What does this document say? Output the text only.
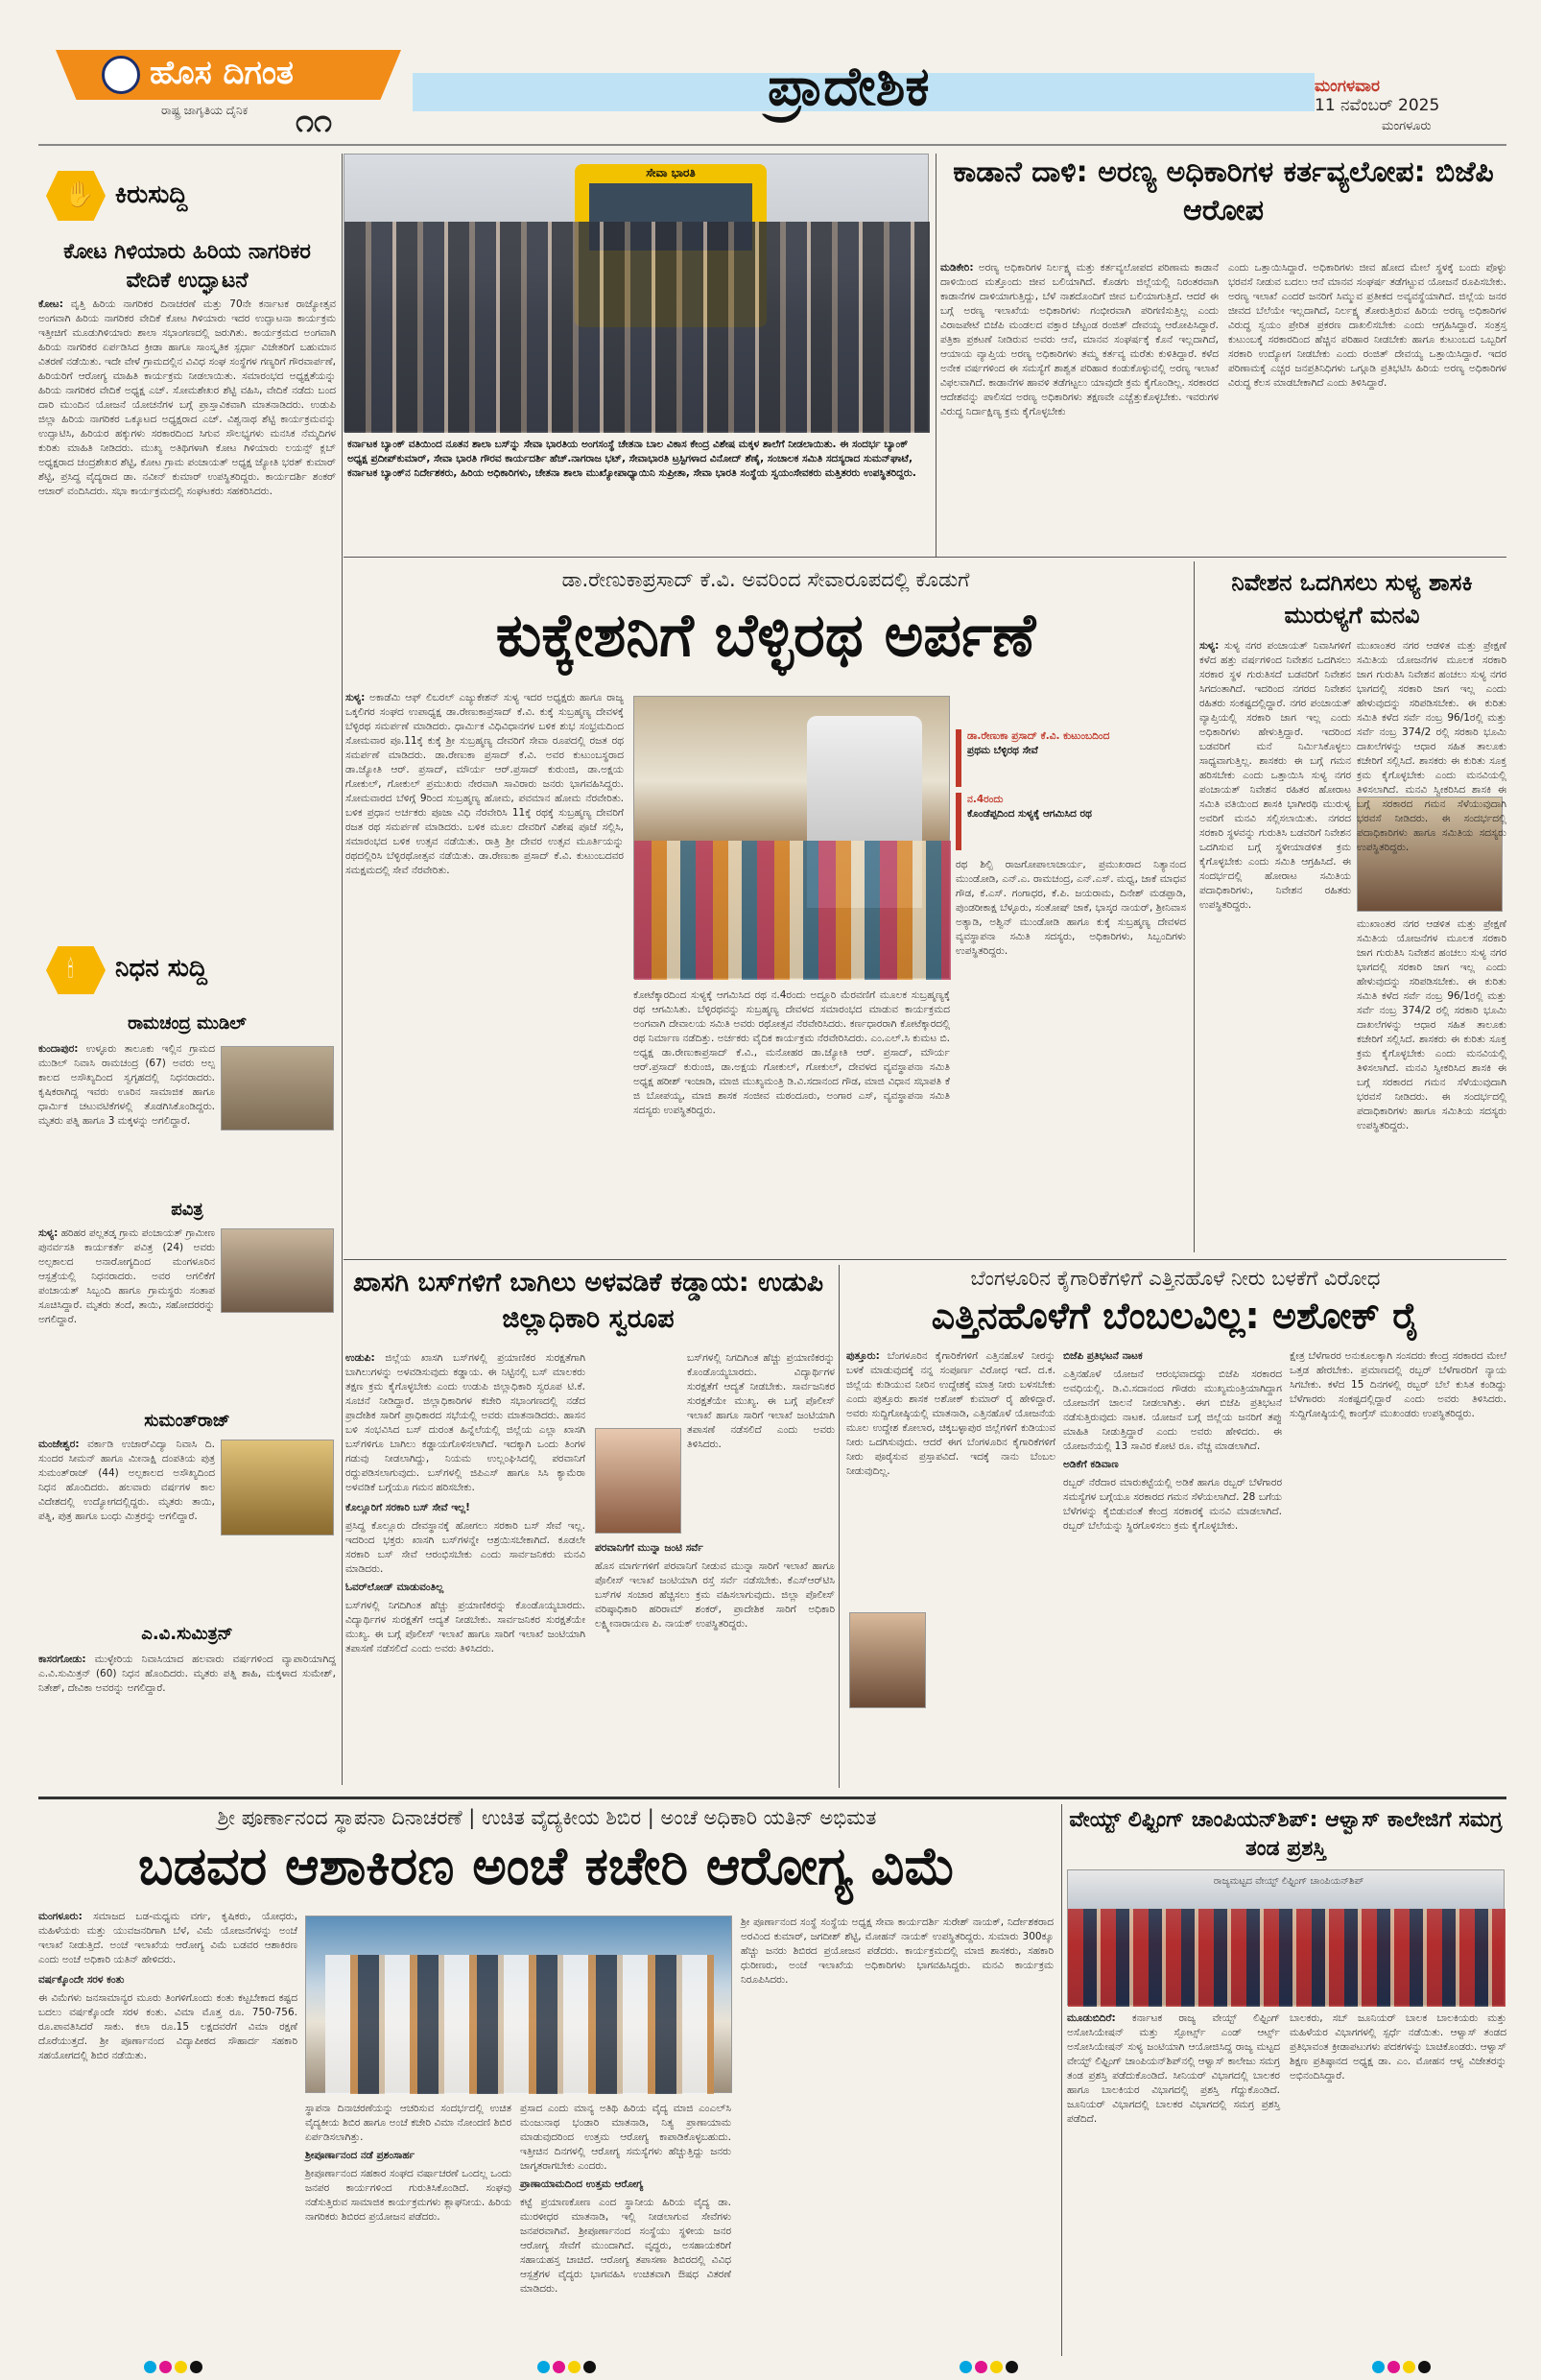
ಹೊಸ ದಿಗಂತ
ರಾಷ್ಟ್ರ ಜಾಗೃತಿಯ ದೈನಿಕ	೧೧
ಪ್ರಾದೇಶಿಕ	ಮಂಗಳವಾರ
11 ನವೆಂಬರ್ 2025
ಮಂಗಳೂರು
✋ ಕಿರುಸುದ್ದಿ
ಕೋಟ ಗಿಳಿಯಾರು ಹಿರಿಯ ನಾಗರಿಕರ ವೇದಿಕೆ ಉದ್ಘಾಟನೆ
ಕೋಟ: ವೃತ್ತಿ ಹಿರಿಯ ನಾಗರಿಕರ ದಿನಾಚರಣೆ ಮತ್ತು 70ನೇ ಕರ್ನಾಟಕ ರಾಜ್ಯೋತ್ಸವ ಅಂಗವಾಗಿ ಹಿರಿಯ ನಾಗರಿಕರ ವೇದಿಕೆ ಕೋಟ ಗಿಳಿಯಾರು ಇದರ ಉದ್ಘಾಟನಾ ಕಾರ್ಯಕ್ರಮ ಇತ್ತೀಚಿಗೆ ಮೂಡುಗಿಳಿಯಾರು ಶಾಲಾ ಸಭಾಂಗಣದಲ್ಲಿ ಜರುಗಿತು. ಕಾರ್ಯಕ್ರಮದ ಅಂಗವಾಗಿ ಹಿರಿಯ ನಾಗರಿಕರ ಏರ್ಪಡಿಸಿದ ಕ್ರೀಡಾ ಹಾಗೂ ಸಾಂಸ್ಕೃತಿಕ ಸ್ಪರ್ಧಾ ವಿಜೇತರಿಗೆ ಬಹುಮಾನ ವಿತರಣೆ ನಡೆಯಿತು. ಇದೇ ವೇಳೆ ಗ್ರಾಮದಲ್ಲಿನ ವಿವಿಧ ಸಂಘ ಸಂಸ್ಥೆಗಳ ಗಣ್ಯರಿಗೆ ಗೌರವಾರ್ಪಣೆ, ಹಿರಿಯರಿಗೆ ಆರೋಗ್ಯ ಮಾಹಿತಿ ಕಾರ್ಯಕ್ರಮ ನೀಡಲಾಯಿತು. ಸಮಾರಂಭದ ಅಧ್ಯಕ್ಷತೆಯನ್ನು ಹಿರಿಯ ನಾಗರಿಕರ ವೇದಿಕೆ ಅಧ್ಯಕ್ಷ ಎಚ್. ಸೋಮಶೇಖರ ಶೆಟ್ಟಿ ವಹಿಸಿ, ವೇದಿಕೆ ನಡೆದು ಬಂದ ದಾರಿ ಮುಂದಿನ ಯೋಜನೆ ಯೋಚನೆಗಳ ಬಗ್ಗೆ ಪ್ರಾಸ್ತಾವಿಕವಾಗಿ ಮಾತನಾಡಿದರು. ಉಡುಪಿ ಜಿಲ್ಲಾ ಹಿರಿಯ ನಾಗರಿಕರ ಒಕ್ಕೂಟದ ಅಧ್ಯಕ್ಷರಾದ ಎಚ್. ವಿಶ್ವನಾಥ ಶೆಟ್ಟಿ ಕಾರ್ಯಕ್ರಮವನ್ನು ಉದ್ಘಾಟಿಸಿ, ಹಿರಿಯರ ಹಕ್ಕುಗಳು ಸರಕಾರದಿಂದ ಸಿಗುವ ಸೌಲಭ್ಯಗಳು ಮನಸಿಕ ನೆಮ್ಮದಿಗಳ ಕುರಿತು ಮಾಹಿತಿ ನೀಡಿದರು. ಮುಖ್ಯ ಅತಿಥಿಗಳಾಗಿ ಕೋಟ ಗಿಳಿಯಾರು ಲಯನ್ಸ್ ಕ್ಲಬ್ ಅಧ್ಯಕ್ಷರಾದ ಚಂದ್ರಶೇಖರ ಶೆಟ್ಟಿ, ಕೋಟ ಗ್ರಾಮ ಪಂಚಾಯತ್ ಅಧ್ಯಕ್ಷ ಜ್ಯೋತಿ ಭರತ್ ಕುಮಾರ್ ಶೆಟ್ಟಿ, ಪ್ರಸಿದ್ಧ ವೈದ್ಯರಾದ ಡಾ. ನವೀನ್ ಕುಮಾರ್ ಉಪಸ್ಥಿತರಿದ್ದರು. ಕಾರ್ಯದರ್ಶಿ ಶಂಕರ್ ಆಚಾರ್ ವಂದಿಸಿದರು. ಸಭಾ ಕಾರ್ಯಕ್ರಮದಲ್ಲಿ ಸಂಘಟಕರು ಸಹಕರಿಸಿದರು.
🕯 ನಿಧನ ಸುದ್ದಿ
ರಾಮಚಂದ್ರ ಮುಡಿಲ್
ಕುಂದಾಪುರ: ಉಳ್ಳೂರು ತಾಲೂಕು ಇಲ್ಲಿನ ಗ್ರಾಮದ ಮುಡಿಲ್ ನಿವಾಸಿ ರಾಮಚಂದ್ರ (67) ಅವರು ಅಲ್ಪ ಕಾಲದ ಅಸೌಖ್ಯದಿಂದ ಸ್ವಗೃಹದಲ್ಲಿ ನಿಧನರಾದರು. ಕೃಷಿಕರಾಗಿದ್ದ ಇವರು ಊರಿನ ಸಾಮಾಜಿಕ ಹಾಗೂ ಧಾರ್ಮಿಕ ಚಟುವಟಿಕೆಗಳಲ್ಲಿ ತೊಡಗಿಸಿಕೊಂಡಿದ್ದರು. ಮೃತರು ಪತ್ನಿ ಹಾಗೂ 3 ಮಕ್ಕಳನ್ನು ಅಗಲಿದ್ದಾರೆ.
ಪವಿತ್ರ
ಸುಳ್ಯ: ಹರಿಹರ ಪಲ್ಲತಡ್ಕ ಗ್ರಾಮ ಪಂಚಾಯತ್ ಗ್ರಾಮೀಣ ಪುನರ್ವಸತಿ ಕಾರ್ಯಕರ್ತೆ ಪವಿತ್ರ (24) ಅವರು ಅಲ್ಪಕಾಲದ ಅನಾರೋಗ್ಯದಿಂದ ಮಂಗಳೂರಿನ ಆಸ್ಪತ್ರೆಯಲ್ಲಿ ನಿಧನರಾದರು. ಅವರ ಅಗಲಿಕೆಗೆ ಪಂಚಾಯತ್ ಸಿಬ್ಬಂದಿ ಹಾಗೂ ಗ್ರಾಮಸ್ಥರು ಸಂತಾಪ ಸೂಚಿಸಿದ್ದಾರೆ. ಮೃತರು ತಂದೆ, ತಾಯಿ, ಸಹೋದರರನ್ನು ಅಗಲಿದ್ದಾರೆ.
ಸುಮಂತ್‌ರಾಜ್
ಮಂಜೇಶ್ವರ: ವರ್ಕಾಡಿ ಉಜಾರ್‌ವಿದ್ಯಾ ನಿವಾಸಿ ದಿ. ಸುಂದರ ಸೀಮನ್ ಹಾಗೂ ಮೀನಾಕ್ಷಿ ದಂಪತಿಯ ಪುತ್ರ ಸುಮಂತ್‌ರಾಜ್ (44) ಅಲ್ಪಕಾಲದ ಅಸೌಖ್ಯದಿಂದ ನಿಧನ ಹೊಂದಿದರು. ಹಲವಾರು ವರ್ಷಗಳ ಕಾಲ ವಿದೇಶದಲ್ಲಿ ಉದ್ಯೋಗದಲ್ಲಿದ್ದರು. ಮೃತರು ತಾಯಿ, ಪತ್ನಿ, ಪುತ್ರ ಹಾಗೂ ಬಂಧು ಮಿತ್ರರನ್ನು ಅಗಲಿದ್ದಾರೆ.
ಎ.ವಿ.ಸುಮಿತ್ರನ್
ಕಾಸರಗೋಡು: ಮುಳ್ಳೇರಿಯ ನಿವಾಸಿಯಾದ ಹಲವಾರು ವರ್ಷಗಳಿಂದ ವ್ಯಾಪಾರಿಯಾಗಿದ್ದ ಎ.ವಿ.ಸುಮಿತ್ರನ್ (60) ನಿಧನ ಹೊಂದಿದರು. ಮೃತರು ಪತ್ನಿ ಶಾಹಿ, ಮಕ್ಕಳಾದ ಸುಮೇಶ್, ನಿತೇಶ್, ದೇವಿಕಾ ಅವರನ್ನು ಅಗಲಿದ್ದಾರೆ.
ಸೇವಾ ಭಾರತಿ
ಕರ್ನಾಟಕ ಬ್ಯಾಂಕ್ ವತಿಯಿಂದ ನೂತನ ಶಾಲಾ ಬಸ್‌ನ್ನು ಸೇವಾ ಭಾರತಿಯ ಅಂಗಸಂಸ್ಥೆ ಚೇತನಾ ಬಾಲ ವಿಕಾಸ ಕೇಂದ್ರ ವಿಶೇಷ ಮಕ್ಕಳ ಶಾಲೆಗೆ ನೀಡಲಾಯಿತು. ಈ ಸಂದರ್ಭ ಬ್ಯಾಂಕ್ ಅಧ್ಯಕ್ಷ ಪ್ರದೀಪ್‌ಕುಮಾರ್, ಸೇವಾ ಭಾರತಿ ಗೌರವ ಕಾರ್ಯದರ್ಶಿ ಹೆಚ್.ನಾಗರಾಜ ಭಟ್, ಸೇವಾಭಾರತಿ ಟ್ರಸ್ಟಿಗಳಾದ ವಿನೋದ್ ಶೆಣೈ, ಸಂಚಾಲಕ ಸಮಿತಿ ಸದಸ್ಯರಾದ ಸುಮನ್‌ಘಾಟೆ, ಕರ್ನಾಟಕ ಬ್ಯಾಂಕ್‌ನ ನಿರ್ದೇಶಕರು, ಹಿರಿಯ ಅಧಿಕಾರಿಗಳು, ಚೇತನಾ ಶಾಲಾ ಮುಖ್ಯೋಪಾಧ್ಯಾಯಿನಿ ಸುಪ್ರೀತಾ, ಸೇವಾ ಭಾರತಿ ಸಂಸ್ಥೆಯ ಸ್ವಯಂಸೇವಕರು ಮತ್ತಿತರರು ಉಪಸ್ಥಿತರಿದ್ದರು.
ಕಾಡಾನೆ ದಾಳಿ: ಅರಣ್ಯ ಅಧಿಕಾರಿಗಳ ಕರ್ತವ್ಯಲೋಪ: ಬಿಜೆಪಿ ಆರೋಪ
ಮಡಿಕೇರಿ: ಅರಣ್ಯ ಅಧಿಕಾರಿಗಳ ನಿರ್ಲಕ್ಷ್ಯ ಮತ್ತು ಕರ್ತವ್ಯಲೋಪದ ಪರಿಣಾಮ ಕಾಡಾನೆ ದಾಳಿಯಿಂದ ಮತ್ತೊಂದು ಜೀವ ಬಲಿಯಾಗಿದೆ. ಕೊಡಗು ಜಿಲ್ಲೆಯಲ್ಲಿ ನಿರಂತರವಾಗಿ ಕಾಡಾನೆಗಳ ದಾಳಿಯಾಗುತ್ತಿದ್ದು, ಬೆಳೆ ನಾಶದೊಂದಿಗೆ ಜೀವ ಬಲಿಯಾಗುತ್ತಿದೆ. ಆದರೆ ಈ ಬಗ್ಗೆ ಅರಣ್ಯ ಇಲಾಖೆಯ ಅಧಿಕಾರಿಗಳು ಗಂಭೀರವಾಗಿ ಪರಿಗಣಿಸುತ್ತಿಲ್ಲ ಎಂದು ವಿರಾಜಪೇಟೆ ಬಿಜೆಪಿ ಮಂಡಲದ ವಕ್ತಾರ ಚೆಟ್ಟಂಡ ರಂಜಿತ್ ದೇವಯ್ಯ ಆರೋಪಿಸಿದ್ದಾರೆ. ಪತ್ರಿಕಾ ಪ್ರಕಟಣೆ ನೀಡಿರುವ ಅವರು ಆನೆ, ಮಾನವ ಸಂಘರ್ಷಕ್ಕೆ ಕೊನೆ ಇಲ್ಲದಾಗಿದೆ, ಆಯಾಯ ವ್ಯಾಪ್ತಿಯ ಅರಣ್ಯ ಅಧಿಕಾರಿಗಳು ತಮ್ಮ ಕರ್ತವ್ಯ ಮರೆತು ಕುಳಿತಿದ್ದಾರೆ. ಕಳೆದ ಅನೇಕ ವರ್ಷಗಳಿಂದ ಈ ಸಮಸ್ಯೆಗೆ ಶಾಶ್ವತ ಪರಿಹಾರ ಕಂಡುಕೊಳ್ಳುವಲ್ಲಿ ಅರಣ್ಯ ಇಲಾಖೆ ವಿಫಲವಾಗಿದೆ. ಕಾಡಾನೆಗಳ ಹಾವಳಿ ತಡೆಗಟ್ಟಲು ಯಾವುದೇ ಕ್ರಮ ಕೈಗೊಂಡಿಲ್ಲ. ಸರಕಾರದ ಆದೇಶವನ್ನು ಪಾಲಿಸದ ಅರಣ್ಯ ಅಧಿಕಾರಿಗಳು ತಕ್ಷಣವೇ ಎಚ್ಚೆತ್ತುಕೊಳ್ಳಬೇಕು. ಇವರುಗಳ ವಿರುದ್ಧ ನಿರ್ದಾಕ್ಷಿಣ್ಯ ಕ್ರಮ ಕೈಗೊಳ್ಳಬೇಕು
ಎಂದು ಒತ್ತಾಯಿಸಿದ್ದಾರೆ. ಅಧಿಕಾರಿಗಳು ಜೀವ ಹೋದ ಮೇಲೆ ಸ್ಥಳಕ್ಕೆ ಬಂದು ಪೊಳ್ಳು ಭರವಸೆ ನೀಡುವ ಬದಲು ಆನೆ ಮಾನವ ಸಂಘರ್ಷ ತಡೆಗಟ್ಟುವ ಯೋಜನೆ ರೂಪಿಸಬೇಕು. ಅರಣ್ಯ ಇಲಾಖೆ ಎಂದರೆ ಜನರಿಗೆ ಸಿಮ್ಮುವ ಪ್ರತೀಕದ ಅವ್ಯವಸ್ಥೆಯಾಗಿದೆ. ಜಿಲ್ಲೆಯ ಜನರ ಜೀವದ ಬೆಲೆಯೇ ಇಲ್ಲದಾಗಿದೆ, ನಿರ್ಲಕ್ಷ್ಯ ತೋರುತ್ತಿರುವ ಹಿರಿಯ ಅರಣ್ಯ ಅಧಿಕಾರಿಗಳ ವಿರುದ್ಧ ಸ್ವಯಂ ಪ್ರೇರಿತ ಪ್ರಕರಣ ದಾಖಲಿಸಬೇಕು ಎಂದು ಆಗ್ರಹಿಸಿದ್ದಾರೆ. ಸಂತ್ರಸ್ತ ಕುಟುಂಬಕ್ಕೆ ಸರಕಾರದಿಂದ ಹೆಚ್ಚಿನ ಪರಿಹಾರ ನೀಡಬೇಕು ಹಾಗೂ ಕುಟುಂಬದ ಒಬ್ಬರಿಗೆ ಸರಕಾರಿ ಉದ್ಯೋಗ ನೀಡಬೇಕು ಎಂದು ರಂಜಿತ್ ದೇವಯ್ಯ ಒತ್ತಾಯಿಸಿದ್ದಾರೆ. ಇದರ ಪರಿಣಾಮಕ್ಕೆ ಎಚ್ಚರ ಜನಪ್ರತಿನಿಧಿಗಳು ಒಗ್ಗೂಡಿ ಪ್ರತಿಭಟಿಸಿ ಹಿರಿಯ ಅರಣ್ಯ ಅಧಿಕಾರಿಗಳ ವಿರುದ್ಧ ಕೆಲಸ ಮಾಡಬೇಕಾಗಿದೆ ಎಂದು ತಿಳಿಸಿದ್ದಾರೆ.
ಡಾ.ರೇಣುಕಾಪ್ರಸಾದ್ ಕೆ.ವಿ. ಅವರಿಂದ ಸೇವಾರೂಪದಲ್ಲಿ ಕೊಡುಗೆ
ಕುಕ್ಕೇಶನಿಗೆ ಬೆಳ್ಳಿರಥ ಅರ್ಪಣೆ
ಸುಳ್ಯ: ಅಕಾಡೆಮಿ ಆಫ್ ಲಿಬರಲ್ ಎಜ್ಯುಕೇಶನ್ ಸುಳ್ಯ ಇದರ ಅಧ್ಯಕ್ಷರು ಹಾಗೂ ರಾಜ್ಯ ಒಕ್ಕಲಿಗರ ಸಂಘದ ಉಪಾಧ್ಯಕ್ಷ ಡಾ.ರೇಣುಕಾಪ್ರಸಾದ್ ಕೆ.ವಿ. ಕುಕ್ಕೆ ಸುಬ್ರಹ್ಮಣ್ಯ ದೇವಳಕ್ಕೆ ಬೆಳ್ಳಿರಥ ಸಮರ್ಪಣೆ ಮಾಡಿದರು. ಧಾರ್ಮಿಕ ವಿಧಿವಿಧಾನಗಳ ಬಳಿಕ ಶುಭ ಸಂಭ್ರಮದಿಂದ ಸೋಮವಾರ ಪೂ.11ಕ್ಕೆ ಕುಕ್ಕೆ ಶ್ರೀ ಸುಬ್ರಹ್ಮಣ್ಯ ದೇವರಿಗೆ ಸೇವಾ ರೂಪದಲ್ಲಿ ರಜತ ರಥ ಸಮರ್ಪಣೆ ಮಾಡಿದರು. ಡಾ.ರೇಣುಕಾ ಪ್ರಸಾದ್ ಕೆ.ವಿ. ಅವರ ಕುಟುಂಬಸ್ಥರಾದ ಡಾ.ಜ್ಯೋತಿ ಆರ್. ಪ್ರಸಾದ್, ಮೌರ್ಯ ಆರ್.ಪ್ರಸಾದ್ ಕುರುಂಜಿ, ಡಾ.ಅಕ್ಷಯ ಗೋಕುಲ್, ಗೋಕುಲ್ ಪ್ರಮುಖರು ನೇರವಾಗಿ ಸಾವಿರಾರು ಜನರು ಭಾಗವಹಿಸಿದ್ದರು. ಸೋಮವಾರದ ಬೆಳಿಗ್ಗೆ 9ರಿಂದ ಸುಬ್ರಹ್ಮಣ್ಯ ಹೋಮ, ಪವಮಾನ ಹೋಮ ನೆರವೇರಿತು. ಬಳಿಕ ಪ್ರಧಾನ ಅರ್ಚಕರು ಪೂಜಾ ವಿಧಿ ನೆರವೇರಿಸಿ 11ಕ್ಕೆ ರಥಕ್ಕೆ ಸುಬ್ರಹ್ಮಣ್ಯ ದೇವರಿಗೆ ರಜತ ರಥ ಸಮರ್ಪಣೆ ಮಾಡಿದರು. ಬಳಿಕ ಮೂಲ ದೇವರಿಗೆ ವಿಶೇಷ ಪೂಜೆ ಸಲ್ಲಿಸಿ, ಸಮಾರಂಭದ ಬಳಿಕ ಉತ್ಸವ ನಡೆಯಿತು. ರಾತ್ರಿ ಶ್ರೀ ದೇವರ ಉತ್ಸವ ಮೂರ್ತಿಯನ್ನು ರಥದಲ್ಲಿರಿಸಿ ಬೆಳ್ಳಿರಥೋತ್ಸವ ನಡೆಯಿತು. ಡಾ.ರೇಣುಕಾ ಪ್ರಸಾದ್ ಕೆ.ವಿ. ಕುಟುಂಬದವರ ಸಮಕ್ಷಮದಲ್ಲಿ ಸೇವೆ ನೆರವೇರಿತು.
ಡಾ.ರೇಣುಕಾ ಪ್ರಸಾದ್ ಕೆ.ವಿ. ಕುಟುಂಬದಿಂದ
ಪ್ರಥಮ ಬೆಳ್ಳಿರಥ ಸೇವೆ
ನ.4ರಂದು
ಕೊಂಡೆಪ್ಪದಿಂದ ಸುಳ್ಯಕ್ಕೆ ಆಗಮಿಸಿದ ರಥ
ರಥ ಶಿಲ್ಪಿ ರಾಜಗೋಪಾಲಾಚಾರ್ಯ, ಪ್ರಮುಖರಾದ ನಿತ್ಯಾನಂದ ಮುಂಡೋಡಿ, ಎನ್.ಎ. ರಾಮಚಂದ್ರ, ಎನ್.ಎಸ್. ಮಧ್ವ, ಜಾಕೆ ಮಾಧವ ಗೌಡ, ಕೆ.ಎಸ್. ಗಂಗಾಧರ, ಕೆ.ಪಿ. ಜಯರಾಮ, ದಿನೇಶ್ ಮಡಪ್ಪಾಡಿ, ಪುಂಡರೀಕಾಕ್ಷ ಬೆಳ್ಳೂರು, ಸಂತೋಷ್ ಜಾಕೆ, ಭಾಸ್ಕರ ನಾಯರ್, ಶ್ರೀನಿವಾಸ ಅತ್ಯಾಡಿ, ಅಶ್ವಿನ್ ಮುಂಡೋಡಿ ಹಾಗೂ ಕುಕ್ಕೆ ಸುಬ್ರಹ್ಮಣ್ಯ ದೇವಳದ ವ್ಯವಸ್ಥಾಪನಾ ಸಮಿತಿ ಸದಸ್ಯರು, ಅಧಿಕಾರಿಗಳು, ಸಿಬ್ಬಂದಿಗಳು ಉಪಸ್ಥಿತರಿದ್ದರು.
ಕೋಟೆಕ್ಕಾರದಿಂದ ಸುಳ್ಯಕ್ಕೆ ಆಗಮಿಸಿದ ರಥ ನ.4ರಂದು ಅದ್ದೂರಿ ಮೆರವಣಿಗೆ ಮೂಲಕ ಸುಬ್ರಹ್ಮಣ್ಯಕ್ಕೆ ರಥ ಆಗಮಿಸಿತು. ಬೆಳ್ಳಿರಥವನ್ನು ಸುಬ್ರಹ್ಮಣ್ಯ ದೇವಳದ ಸಮಾರಂಭದ ಮಾಡುವ ಕಾರ್ಯಕ್ರಮದ ಅಂಗವಾಗಿ ದೇವಾಲಯ ಸಮಿತಿ ಅವರು ರಥೋತ್ಸವ ನೆರವೇರಿಸಿದರು. ಕರ್ಣಧಾರರಾಗಿ ಕೋಟೆಕ್ಕಾರದಲ್ಲಿ ರಥ ನಿರ್ಮಾಣ ನಡೆದಿತ್ತು. ಅರ್ಚಕರು ವೈದಿಕ ಕಾರ್ಯಕ್ರಮ ನೆರವೇರಿಸಿದರು. ಎಂ.ಎಲ್.ಸಿ ಕುಮಟ ಬಿ. ಅಧ್ಯಕ್ಷ ಡಾ.ರೇಣುಕಾಪ್ರಸಾದ್ ಕೆ.ವಿ., ಮನೋಹರ ಡಾ.ಜ್ಯೋತಿ ಆರ್. ಪ್ರಸಾದ್, ಮೌರ್ಯ ಆರ್.ಪ್ರಸಾದ್ ಕುರುಂಜಿ, ಡಾ.ಅಕ್ಷಯ ಗೋಕುಲ್, ಗೋಕುಲ್, ದೇವಳದ ವ್ಯವಸ್ಥಾಪನಾ ಸಮಿತಿ ಅಧ್ಯಕ್ಷ ಹರೀಶ್ ಇಂಜಾಡಿ, ಮಾಜಿ ಮುಖ್ಯಮಂತ್ರಿ ಡಿ.ವಿ.ಸದಾನಂದ ಗೌಡ, ಮಾಜಿ ವಿಧಾನ ಸಭಾಪತಿ ಕೆ ಜಿ ಬೋಪಯ್ಯ, ಮಾಜಿ ಶಾಸಕ ಸಂಜೀವ ಮಠಂದೂರು, ಅಂಗಾರ ಎಸ್, ವ್ಯವಸ್ಥಾಪನಾ ಸಮಿತಿ ಸದಸ್ಯರು ಉಪಸ್ಥಿತರಿದ್ದರು.
ನಿವೇಶನ ಒದಗಿಸಲು ಸುಳ್ಯ ಶಾಸಕಿ ಮುರುಳ್ಯಗೆ ಮನವಿ
ಸುಳ್ಯ: ಸುಳ್ಯ ನಗರ ಪಂಚಾಯತ್ ನಿವಾಸಿಗಳಿಗೆ ಕಳೆದ ಹತ್ತು ವರ್ಷಗಳಿಂದ ನಿವೇಶನ ಒದಗಿಸಲು ಸರಕಾರ ಸ್ಥಳ ಗುರುತಿಸದೆ ಬಡವರಿಗೆ ನಿವೇಶನ ಸಿಗದಂತಾಗಿದೆ. ಇದರಿಂದ ನಗರದ ನಿವೇಶನ ರಹಿತರು ಸಂಕಷ್ಟದಲ್ಲಿದ್ದಾರೆ. ನಗರ ಪಂಚಾಯತ್ ವ್ಯಾಪ್ತಿಯಲ್ಲಿ ಸರಕಾರಿ ಜಾಗ ಇಲ್ಲ ಎಂದು ಅಧಿಕಾರಿಗಳು ಹೇಳುತ್ತಿದ್ದಾರೆ. ಇದರಿಂದ ಬಡವರಿಗೆ ಮನೆ ನಿರ್ಮಿಸಿಕೊಳ್ಳಲು ಸಾಧ್ಯವಾಗುತ್ತಿಲ್ಲ. ಶಾಸಕರು ಈ ಬಗ್ಗೆ ಗಮನ ಹರಿಸಬೇಕು ಎಂದು ಒತ್ತಾಯಿಸಿ ಸುಳ್ಯ ನಗರ ಪಂಚಾಯತ್ ನಿವೇಶನ ರಹಿತರ ಹೋರಾಟ ಸಮಿತಿ ವತಿಯಿಂದ ಶಾಸಕಿ ಭಾಗೀರಥಿ ಮುರುಳ್ಯ ಅವರಿಗೆ ಮನವಿ ಸಲ್ಲಿಸಲಾಯಿತು. ನಗರದ ಸರಕಾರಿ ಸ್ಥಳವನ್ನು ಗುರುತಿಸಿ ಬಡವರಿಗೆ ನಿವೇಶನ ಒದಗಿಸುವ ಬಗ್ಗೆ ಸ್ಥಳೀಯಾಡಳಿತ ಕ್ರಮ ಕೈಗೊಳ್ಳಬೇಕು ಎಂದು ಸಮಿತಿ ಆಗ್ರಹಿಸಿದೆ. ಈ ಸಂದರ್ಭದಲ್ಲಿ ಹೋರಾಟ ಸಮಿತಿಯ ಪದಾಧಿಕಾರಿಗಳು, ನಿವೇಶನ ರಹಿತರು ಉಪಸ್ಥಿತರಿದ್ದರು.
ಮುಖಾಂತರ ನಗರ ಆಡಳಿತ ಮತ್ತು ಪ್ರೇಕ್ಷಣೆ ಸಮಿತಿಯ ಯೋಜನೆಗಳ ಮೂಲಕ ಸರಕಾರಿ ಜಾಗ ಗುರುತಿಸಿ ನಿವೇಶನ ಹಂಚಲು ಸುಳ್ಯ ನಗರ ಭಾಗದಲ್ಲಿ ಸರಕಾರಿ ಜಾಗ ಇಲ್ಲ ಎಂದು ಹೇಳುವುದನ್ನು ಸರಿಪಡಿಸಬೇಕು. ಈ ಕುರಿತು ಸಮಿತಿ ಕಳೆದ ಸರ್ವೆ ನಂಬ್ರ 96/1ರಲ್ಲಿ ಮತ್ತು ಸರ್ವೆ ನಂಬ್ರ 374/2 ರಲ್ಲಿ ಸರಕಾರಿ ಭೂಮಿ ದಾಖಲೆಗಳನ್ನು ಆಧಾರ ಸಹಿತ ತಾಲೂಕು ಕಚೇರಿಗೆ ಸಲ್ಲಿಸಿದೆ. ಶಾಸಕರು ಈ ಕುರಿತು ಸೂಕ್ತ ಕ್ರಮ ಕೈಗೊಳ್ಳಬೇಕು ಎಂದು ಮನವಿಯಲ್ಲಿ ತಿಳಿಸಲಾಗಿದೆ. ಮನವಿ ಸ್ವೀಕರಿಸಿದ ಶಾಸಕಿ ಈ ಬಗ್ಗೆ ಸರಕಾರದ ಗಮನ ಸೆಳೆಯುವುದಾಗಿ ಭರವಸೆ ನೀಡಿದರು. ಈ ಸಂದರ್ಭದಲ್ಲಿ ಪದಾಧಿಕಾರಿಗಳು ಹಾಗೂ ಸಮಿತಿಯ ಸದಸ್ಯರು ಉಪಸ್ಥಿತರಿದ್ದರು.
ಮುಖಾಂತರ ನಗರ ಆಡಳಿತ ಮತ್ತು ಪ್ರೇಕ್ಷಣೆ ಸಮಿತಿಯ ಯೋಜನೆಗಳ ಮೂಲಕ ಸರಕಾರಿ ಜಾಗ ಗುರುತಿಸಿ ನಿವೇಶನ ಹಂಚಲು ಸುಳ್ಯ ನಗರ ಭಾಗದಲ್ಲಿ ಸರಕಾರಿ ಜಾಗ ಇಲ್ಲ ಎಂದು ಹೇಳುವುದನ್ನು ಸರಿಪಡಿಸಬೇಕು. ಈ ಕುರಿತು ಸಮಿತಿ ಕಳೆದ ಸರ್ವೆ ನಂಬ್ರ 96/1ರಲ್ಲಿ ಮತ್ತು ಸರ್ವೆ ನಂಬ್ರ 374/2 ರಲ್ಲಿ ಸರಕಾರಿ ಭೂಮಿ ದಾಖಲೆಗಳನ್ನು ಆಧಾರ ಸಹಿತ ತಾಲೂಕು ಕಚೇರಿಗೆ ಸಲ್ಲಿಸಿದೆ. ಶಾಸಕರು ಈ ಕುರಿತು ಸೂಕ್ತ ಕ್ರಮ ಕೈಗೊಳ್ಳಬೇಕು ಎಂದು ಮನವಿಯಲ್ಲಿ ತಿಳಿಸಲಾಗಿದೆ. ಮನವಿ ಸ್ವೀಕರಿಸಿದ ಶಾಸಕಿ ಈ ಬಗ್ಗೆ ಸರಕಾರದ ಗಮನ ಸೆಳೆಯುವುದಾಗಿ ಭರವಸೆ ನೀಡಿದರು. ಈ ಸಂದರ್ಭದಲ್ಲಿ ಪದಾಧಿಕಾರಿಗಳು ಹಾಗೂ ಸಮಿತಿಯ ಸದಸ್ಯರು ಉಪಸ್ಥಿತರಿದ್ದರು.
ಖಾಸಗಿ ಬಸ್‌ಗಳಿಗೆ ಬಾಗಿಲು ಅಳವಡಿಕೆ ಕಡ್ಡಾಯ: ಉಡುಪಿ ಜಿಲ್ಲಾಧಿಕಾರಿ ಸ್ವರೂಪ
ಉಡುಪಿ: ಜಿಲ್ಲೆಯ ಖಾಸಗಿ ಬಸ್‌ಗಳಲ್ಲಿ ಪ್ರಯಾಣಿಕರ ಸುರಕ್ಷತೆಗಾಗಿ ಬಾಗಿಲುಗಳನ್ನು ಅಳವಡಿಸುವುದು ಕಡ್ಡಾಯ. ಈ ನಿಟ್ಟಿನಲ್ಲಿ ಬಸ್ ಮಾಲಕರು ತಕ್ಷಣ ಕ್ರಮ ಕೈಗೊಳ್ಳಬೇಕು ಎಂದು ಉಡುಪಿ ಜಿಲ್ಲಾಧಿಕಾರಿ ಸ್ವರೂಪ ಟಿ.ಕೆ. ಸೂಚನೆ ನೀಡಿದ್ದಾರೆ. ಜಿಲ್ಲಾಧಿಕಾರಿಗಳ ಕಚೇರಿ ಸಭಾಂಗಣದಲ್ಲಿ ನಡೆದ ಪ್ರಾದೇಶಿಕ ಸಾರಿಗೆ ಪ್ರಾಧಿಕಾರದ ಸಭೆಯಲ್ಲಿ ಅವರು ಮಾತನಾಡಿದರು. ಹಾಸನ ಬಳಿ ಸಂಭವಿಸಿದ ಬಸ್ ದುರಂತ ಹಿನ್ನೆಲೆಯಲ್ಲಿ ಜಿಲ್ಲೆಯ ಎಲ್ಲಾ ಖಾಸಗಿ ಬಸ್‌ಗಳಿಗೂ ಬಾಗಿಲು ಕಡ್ಡಾಯಗೊಳಿಸಲಾಗಿದೆ. ಇದಕ್ಕಾಗಿ ಒಂದು ತಿಂಗಳ ಗಡುವು ನೀಡಲಾಗಿದ್ದು, ನಿಯಮ ಉಲ್ಲಂಘಿಸಿದಲ್ಲಿ ಪರವಾನಿಗೆ ರದ್ದುಪಡಿಸಲಾಗುವುದು. ಬಸ್‌ಗಳಲ್ಲಿ ಜಿಪಿಎಸ್ ಹಾಗೂ ಸಿಸಿ ಕ್ಯಾಮೆರಾ ಅಳವಡಿಕೆ ಬಗ್ಗೆಯೂ ಗಮನ ಹರಿಸಬೇಕು.

ಕೊಲ್ಲೂರಿಗೆ ಸರಕಾರಿ ಬಸ್ ಸೇವೆ ಇಲ್ಲ!

ಪ್ರಸಿದ್ಧ ಕೊಲ್ಲೂರು ದೇವಸ್ಥಾನಕ್ಕೆ ಹೋಗಲು ಸರಕಾರಿ ಬಸ್ ಸೇವೆ ಇಲ್ಲ. ಇದರಿಂದ ಭಕ್ತರು ಖಾಸಗಿ ಬಸ್‌ಗಳನ್ನೇ ಆಶ್ರಯಿಸಬೇಕಾಗಿದೆ. ಕೂಡಲೇ ಸರಕಾರಿ ಬಸ್ ಸೇವೆ ಆರಂಭಿಸಬೇಕು ಎಂದು ಸಾರ್ವಜನಿಕರು ಮನವಿ ಮಾಡಿದರು.

ಓವರ್‌ಲೋಡ್ ಮಾಡುವಂತಿಲ್ಲ

ಬಸ್‌ಗಳಲ್ಲಿ ನಿಗದಿಗಿಂತ ಹೆಚ್ಚು ಪ್ರಯಾಣಿಕರನ್ನು ಕೊಂಡೊಯ್ಯಬಾರದು. ವಿದ್ಯಾರ್ಥಿಗಳ ಸುರಕ್ಷತೆಗೆ ಆದ್ಯತೆ ನೀಡಬೇಕು. ಸಾರ್ವಜನಿಕರ ಸುರಕ್ಷತೆಯೇ ಮುಖ್ಯ. ಈ ಬಗ್ಗೆ ಪೊಲೀಸ್ ಇಲಾಖೆ ಹಾಗೂ ಸಾರಿಗೆ ಇಲಾಖೆ ಜಂಟಿಯಾಗಿ ತಪಾಸಣೆ ನಡೆಸಲಿದೆ ಎಂದು ಅವರು ತಿಳಿಸಿದರು.

ಪರವಾನಿಗೆಗೆ ಮುನ್ನಾ ಜಂಟಿ ಸರ್ವೆ

ಹೊಸ ಮಾರ್ಗಗಳಿಗೆ ಪರವಾನಿಗೆ ನೀಡುವ ಮುನ್ನಾ ಸಾರಿಗೆ ಇಲಾಖೆ ಹಾಗೂ ಪೊಲೀಸ್ ಇಲಾಖೆ ಜಂಟಿಯಾಗಿ ರಸ್ತೆ ಸರ್ವೆ ನಡೆಸಬೇಕು. ಕೆಎಸ್‌ಆರ್‌ಟಿಸಿ ಬಸ್‌ಗಳ ಸಂಚಾರ ಹೆಚ್ಚಿಸಲು ಕ್ರಮ ವಹಿಸಲಾಗುವುದು. ಜಿಲ್ಲಾ ಪೊಲೀಸ್ ವರಿಷ್ಠಾಧಿಕಾರಿ ಹರಿರಾಮ್ ಶಂಕರ್, ಪ್ರಾದೇಶಿಕ ಸಾರಿಗೆ ಅಧಿಕಾರಿ ಲಕ್ಷ್ಮೀನಾರಾಯಣ ಪಿ. ನಾಯಕ್ ಉಪಸ್ಥಿತರಿದ್ದರು.

ಬಸ್‌ಗಳಲ್ಲಿ ನಿಗದಿಗಿಂತ ಹೆಚ್ಚು ಪ್ರಯಾಣಿಕರನ್ನು ಕೊಂಡೊಯ್ಯಬಾರದು. ವಿದ್ಯಾರ್ಥಿಗಳ ಸುರಕ್ಷತೆಗೆ ಆದ್ಯತೆ ನೀಡಬೇಕು. ಸಾರ್ವಜನಿಕರ ಸುರಕ್ಷತೆಯೇ ಮುಖ್ಯ. ಈ ಬಗ್ಗೆ ಪೊಲೀಸ್ ಇಲಾಖೆ ಹಾಗೂ ಸಾರಿಗೆ ಇಲಾಖೆ ಜಂಟಿಯಾಗಿ ತಪಾಸಣೆ ನಡೆಸಲಿದೆ ಎಂದು ಅವರು ತಿಳಿಸಿದರು.
ಬೆಂಗಳೂರಿನ ಕೈಗಾರಿಕೆಗಳಿಗೆ ಎತ್ತಿನಹೊಳೆ ನೀರು ಬಳಕೆಗೆ ವಿರೋಧ
ಎತ್ತಿನಹೊಳೆಗೆ ಬೆಂಬಲವಿಲ್ಲ: ಅಶೋಕ್ ರೈ
ಪುತ್ತೂರು: ಬೆಂಗಳೂರಿನ ಕೈಗಾರಿಕೆಗಳಿಗೆ ಎತ್ತಿನಹೊಳೆ ನೀರನ್ನು ಬಳಕೆ ಮಾಡುವುದಕ್ಕೆ ನನ್ನ ಸಂಪೂರ್ಣ ವಿರೋಧ ಇದೆ. ದ.ಕ. ಜಿಲ್ಲೆಯ ಕುಡಿಯುವ ನೀರಿನ ಉದ್ದೇಶಕ್ಕೆ ಮಾತ್ರ ನೀರು ಬಳಸಬೇಕು ಎಂದು ಪುತ್ತೂರು ಶಾಸಕ ಅಶೋಕ್ ಕುಮಾರ್ ರೈ ಹೇಳಿದ್ದಾರೆ. ಅವರು ಸುದ್ದಿಗೋಷ್ಠಿಯಲ್ಲಿ ಮಾತನಾಡಿ, ಎತ್ತಿನಹೊಳೆ ಯೋಜನೆಯ ಮೂಲ ಉದ್ದೇಶ ಕೋಲಾರ, ಚಿಕ್ಕಬಳ್ಳಾಪುರ ಜಿಲ್ಲೆಗಳಿಗೆ ಕುಡಿಯುವ ನೀರು ಒದಗಿಸುವುದು. ಆದರೆ ಈಗ ಬೆಂಗಳೂರಿನ ಕೈಗಾರಿಕೆಗಳಿಗೆ ನೀರು ಪೂರೈಸುವ ಪ್ರಸ್ತಾಪವಿದೆ. ಇದಕ್ಕೆ ನಾನು ಬೆಂಬಲ ನೀಡುವುದಿಲ್ಲ.

ಬಿಜೆಪಿ ಪ್ರತಿಭಟನೆ ನಾಟಕ

ಎತ್ತಿನಹೊಳೆ ಯೋಜನೆ ಆರಂಭವಾದದ್ದು ಬಿಜೆಪಿ ಸರಕಾರದ ಅವಧಿಯಲ್ಲಿ. ಡಿ.ವಿ.ಸದಾನಂದ ಗೌಡರು ಮುಖ್ಯಮಂತ್ರಿಯಾಗಿದ್ದಾಗ ಯೋಜನೆಗೆ ಚಾಲನೆ ನೀಡಲಾಗಿತ್ತು. ಈಗ ಬಿಜೆಪಿ ಪ್ರತಿಭಟನೆ ನಡೆಸುತ್ತಿರುವುದು ನಾಟಕ. ಯೋಜನೆ ಬಗ್ಗೆ ಜಿಲ್ಲೆಯ ಜನರಿಗೆ ತಪ್ಪು ಮಾಹಿತಿ ನೀಡುತ್ತಿದ್ದಾರೆ ಎಂದು ಅವರು ಹೇಳಿದರು. ಈ ಯೋಜನೆಯಲ್ಲಿ 13 ಸಾವಿರ ಕೋಟಿ ರೂ. ವೆಚ್ಚ ಮಾಡಲಾಗಿದೆ.

ಅಡಿಕೆಗೆ ಕಡಿವಾಣ

ರಬ್ಬರ್ ನೆರೆದಾರ ಮಾರುಕಟ್ಟೆಯಲ್ಲಿ ಅಡಿಕೆ ಹಾಗೂ ರಬ್ಬರ್ ಬೆಳೆಗಾರರ ಸಮಸ್ಯೆಗಳ ಬಗ್ಗೆಯೂ ಸರಕಾರದ ಗಮನ ಸೆಳೆಯಲಾಗಿದೆ. 28 ಬಗೆಯ ಬೆಳೆಗಳನ್ನು ಕೈಬಿಡುವಂತೆ ಕೇಂದ್ರ ಸರಕಾರಕ್ಕೆ ಮನವಿ ಮಾಡಲಾಗಿದೆ. ರಬ್ಬರ್ ಬೆಲೆಯನ್ನು ಸ್ಥಿರಗೊಳಿಸಲು ಕ್ರಮ ಕೈಗೊಳ್ಳಬೇಕು.

ಕ್ಷೇತ್ರ ಬೆಳೆಗಾರರ ಅನುಕೂಲಕ್ಕಾಗಿ ಸಂಸದರು ಕೇಂದ್ರ ಸರಕಾರದ ಮೇಲೆ ಒತ್ತಡ ಹೇರಬೇಕು. ಪ್ರಮಾಣದಲ್ಲಿ ರಬ್ಬರ್ ಬೆಳೆಗಾರರಿಗೆ ನ್ಯಾಯ ಸಿಗಬೇಕು. ಕಳೆದ 15 ದಿನಗಳಲ್ಲಿ ರಬ್ಬರ್ ಬೆಲೆ ಕುಸಿತ ಕಂಡಿದ್ದು ಬೆಳೆಗಾರರು ಸಂಕಷ್ಟದಲ್ಲಿದ್ದಾರೆ ಎಂದು ಅವರು ತಿಳಿಸಿದರು. ಸುದ್ದಿಗೋಷ್ಠಿಯಲ್ಲಿ ಕಾಂಗ್ರೆಸ್ ಮುಖಂಡರು ಉಪಸ್ಥಿತರಿದ್ದರು.
ಶ್ರೀ ಪೂರ್ಣಾನಂದ ಸ್ಥಾಪನಾ ದಿನಾಚರಣೆ | ಉಚಿತ ವೈದ್ಯಕೀಯ ಶಿಬಿರ | ಅಂಚೆ ಅಧಿಕಾರಿ ಯತಿನ್ ಅಭಿಮತ
ಬಡವರ ಆಶಾಕಿರಣ ಅಂಚೆ ಕಚೇರಿ ಆರೋಗ್ಯ ವಿಮೆ
ಮಂಗಳೂರು: ಸಮಾಜದ ಬಡ-ಮಧ್ಯಮ ವರ್ಗ, ಕೃಷಿಕರು, ಯೋಧರು, ಮಹಿಳೆಯರು ಮತ್ತು ಯುವಜನರಿಗಾಗಿ ಬೆಳೆ, ವಿಮೆ ಯೋಜನೆಗಳನ್ನು ಅಂಚೆ ಇಲಾಖೆ ನೀಡುತ್ತಿದೆ. ಅಂಚೆ ಇಲಾಖೆಯ ಆರೋಗ್ಯ ವಿಮೆ ಬಡವರ ಆಶಾಕಿರಣ ಎಂದು ಅಂಚೆ ಅಧಿಕಾರಿ ಯತಿನ್ ಹೇಳಿದರು.

ವರ್ಷಕ್ಕೊಂದೇ ಸರಳ ಕಂತು

ಈ ವಿಮೆಗಳು ಜನಸಾಮಾನ್ಯರ ಮೂರು ತಿಂಗಳಿಗೊಂದು ಕಂತು ಕಟ್ಟಬೇಕಾದ ಕಷ್ಟದ ಬದಲು ವರ್ಷಕ್ಕೊಂದೇ ಸರಳ ಕಂತು. ವಿಮಾ ಮೊತ್ತ ರೂ. 750-756. ರೂ.ಪಾವತಿಸಿದರೆ ಸಾಕು. ಕಲಾ ರೂ.15 ಲಕ್ಷದವರೆಗೆ ವಿಮಾ ರಕ್ಷಣೆ ದೊರೆಯುತ್ತದೆ. ಶ್ರೀ ಪೂರ್ಣಾನಂದ ವಿದ್ಯಾಪೀಠದ ಸೌಹಾರ್ದ ಸಹಕಾರಿ ಸಹಯೋಗದಲ್ಲಿ ಶಿಬಿರ ನಡೆಯಿತು.

ಸ್ಥಾಪನಾ ದಿನಾಚರಣೆಯನ್ನು ಆಚರಿಸುವ ಸಂದರ್ಭದಲ್ಲಿ ಉಚಿತ ವೈದ್ಯಕೀಯ ಶಿಬಿರ ಹಾಗೂ ಅಂಚೆ ಕಚೇರಿ ವಿಮಾ ನೋಂದಣಿ ಶಿಬಿರ ಏರ್ಪಡಿಸಲಾಗಿತ್ತು.

ಶ್ರೀಪೂರ್ಣಾನಂದ ನಡೆ ಪ್ರಶಂಸಾರ್ಹ

ಶ್ರೀಪೂರ್ಣಾನಂದ ಸಹಕಾರ ಸಂಘದ ವರ್ಷಾಚರಣೆ ಒಂದಲ್ಲ ಒಂದು ಜನಪರ ಕಾರ್ಯಗಳಿಂದ ಗುರುತಿಸಿಕೊಂಡಿದೆ. ಸಂಘವು ನಡೆಸುತ್ತಿರುವ ಸಾಮಾಜಿಕ ಕಾರ್ಯಕ್ರಮಗಳು ಶ್ಲಾಘನೀಯ. ಹಿರಿಯ ನಾಗರಿಕರು ಶಿಬಿರದ ಪ್ರಯೋಜನ ಪಡೆದರು.

ಪ್ರಸಾದ ಎಂದು ಮಾನ್ಯ ಅತಿಥಿ ಹಿರಿಯ ವೈದ್ಯ ಮಾಜಿ ಎಂಎಲ್‌ಸಿ ಮಂಜುನಾಥ ಭಂಡಾರಿ ಮಾತನಾಡಿ, ನಿತ್ಯ ಪ್ರಾಣಾಯಾಮ ಮಾಡುವುದರಿಂದ ಉತ್ತಮ ಆರೋಗ್ಯ ಕಾಪಾಡಿಕೊಳ್ಳಬಹುದು. ಇತ್ತೀಚಿನ ದಿನಗಳಲ್ಲಿ ಆರೋಗ್ಯ ಸಮಸ್ಯೆಗಳು ಹೆಚ್ಚುತ್ತಿದ್ದು ಜನರು ಜಾಗೃತರಾಗಬೇಕು ಎಂದರು.

ಪ್ರಾಣಾಯಾಮದಿಂದ ಉತ್ತಮ ಆರೋಗ್ಯ

ಕಟ್ಟೆ ಪ್ರಯಾಣಕೋಣ ಎಂದ ಸ್ಥಾನೀಯ ಹಿರಿಯ ವೈದ್ಯ ಡಾ. ಮುರಳೀಧರ ಮಾತನಾಡಿ, ಇಲ್ಲಿ ನೀಡಲಾಗುವ ಸೇವೆಗಳು ಜನಪರವಾಗಿವೆ. ಶ್ರೀಪೂರ್ಣಾನಂದ ಸಂಸ್ಥೆಯು ಸ್ಥಳೀಯ ಜನರ ಆರೋಗ್ಯ ಸೇವೆಗೆ ಮುಂದಾಗಿದೆ. ವೃದ್ಧರು, ಅಸಹಾಯಕರಿಗೆ ಸಹಾಯಹಸ್ತ ಚಾಚಿದೆ. ಆರೋಗ್ಯ ತಪಾಸಣಾ ಶಿಬಿರದಲ್ಲಿ ವಿವಿಧ ಆಸ್ಪತ್ರೆಗಳ ವೈದ್ಯರು ಭಾಗವಹಿಸಿ ಉಚಿತವಾಗಿ ಔಷಧ ವಿತರಣೆ ಮಾಡಿದರು.

ಶ್ರೀ ಪೂರ್ಣಾನಂದ ಸಂಸ್ಥೆ ಸಂಸ್ಥೆಯ ಅಧ್ಯಕ್ಷ ಸೇವಾ ಕಾರ್ಯದರ್ಶಿ ಸುರೇಶ್ ನಾಯಕ್, ನಿರ್ದೇಶಕರಾದ ಅರವಿಂದ ಕುಮಾರ್, ಜಗದೀಶ್ ಶೆಟ್ಟಿ, ಮೋಹನ್ ನಾಯಕ್ ಉಪಸ್ಥಿತರಿದ್ದರು. ಸುಮಾರು 300ಕ್ಕೂ ಹೆಚ್ಚು ಜನರು ಶಿಬಿರದ ಪ್ರಯೋಜನ ಪಡೆದರು. ಕಾರ್ಯಕ್ರಮದಲ್ಲಿ ಮಾಜಿ ಶಾಸಕರು, ಸಹಕಾರಿ ಧುರೀಣರು, ಅಂಚೆ ಇಲಾಖೆಯ ಅಧಿಕಾರಿಗಳು ಭಾಗವಹಿಸಿದ್ದರು. ಮನವಿ ಕಾರ್ಯಕ್ರಮ ನಿರೂಪಿಸಿದರು.
ವೇಯ್ಟ್ ಲಿಫ್ಟಿಂಗ್ ಚಾಂಪಿಯನ್‌ಶಿಪ್: ಆಳ್ವಾಸ್ ಕಾಲೇಜಿಗೆ ಸಮಗ್ರ ತಂಡ ಪ್ರಶಸ್ತಿ
ರಾಜ್ಯಮಟ್ಟದ ವೇಯ್ಟ್ ಲಿಫ್ಟಿಂಗ್ ಚಾಂಪಿಯನ್‌ಶಿಪ್
ಮೂಡುಬಿದಿರೆ: ಕರ್ನಾಟಕ ರಾಜ್ಯ ವೇಯ್ಟ್ ಲಿಫ್ಟಿಂಗ್ ಅಸೋಸಿಯೇಷನ್ ಮತ್ತು ಸ್ಪೋರ್ಟ್ಸ್ ಎಂಡ್ ಆರ್ಟ್ಸ್ ಅಸೋಸಿಯೇಷನ್ ಸುಳ್ಯ ಜಂಟಿಯಾಗಿ ಆಯೋಜಿಸಿದ್ದ ರಾಜ್ಯ ಮಟ್ಟದ ವೇಯ್ಟ್ ಲಿಫ್ಟಿಂಗ್ ಚಾಂಪಿಯನ್‌ಶಿಪ್‌ನಲ್ಲಿ ಆಳ್ವಾಸ್ ಕಾಲೇಜು ಸಮಗ್ರ ತಂಡ ಪ್ರಶಸ್ತಿ ಪಡೆದುಕೊಂಡಿದೆ. ಸೀನಿಯರ್ ವಿಭಾಗದಲ್ಲಿ ಬಾಲಕರ ಹಾಗೂ ಬಾಲಕಿಯರ ವಿಭಾಗದಲ್ಲಿ ಪ್ರಶಸ್ತಿ ಗೆದ್ದುಕೊಂಡಿದೆ. ಜೂನಿಯರ್ ವಿಭಾಗದಲ್ಲಿ ಬಾಲಕರ ವಿಭಾಗದಲ್ಲಿ ಸಮಗ್ರ ಪ್ರಶಸ್ತಿ ಪಡೆದಿದೆ.
ಬಾಲಕರು, ಸಬ್ ಜೂನಿಯರ್ ಬಾಲಕ ಬಾಲಕಿಯರು ಮತ್ತು ಮಹಿಳೆಯರ ವಿಭಾಗಗಳಲ್ಲಿ ಸ್ಪರ್ಧೆ ನಡೆಯಿತು. ಆಳ್ವಾಸ್ ತಂಡದ ಪ್ರತಿಭಾವಂತ ಕ್ರೀಡಾಪಟುಗಳು ಪದಕಗಳನ್ನು ಬಾಚಿಕೊಂಡರು. ಆಳ್ವಾಸ್ ಶಿಕ್ಷಣ ಪ್ರತಿಷ್ಠಾನದ ಅಧ್ಯಕ್ಷ ಡಾ. ಎಂ. ಮೋಹನ ಆಳ್ವ ವಿಜೇತರನ್ನು ಅಭಿನಂದಿಸಿದ್ದಾರೆ.
